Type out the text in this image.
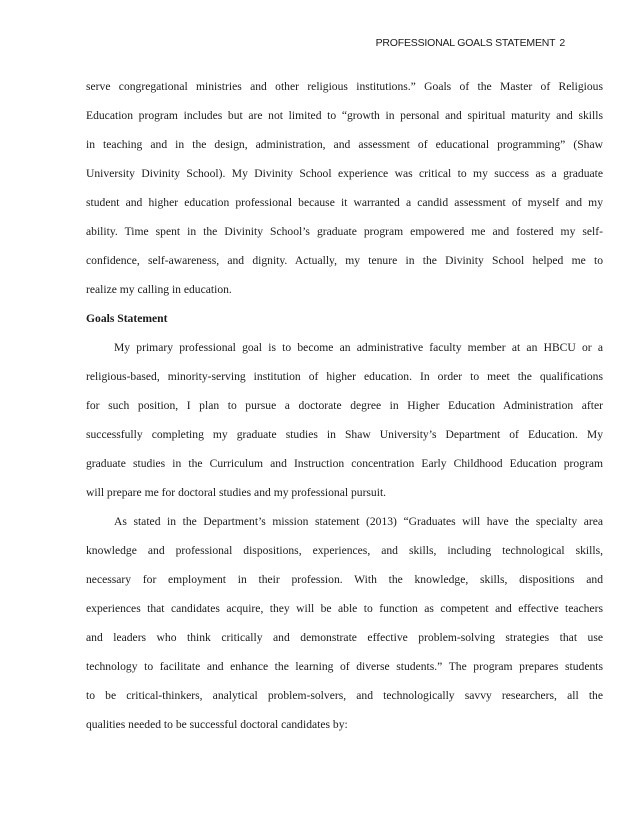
PROFESSIONAL GOALS STATEMENT 2
serve congregational ministries and other religious institutions.” Goals of the Master of Religious
Education program includes but are not limited to “growth in personal and spiritual maturity and skills
in teaching and in the design, administration, and assessment of educational programming” (Shaw
University Divinity School). My Divinity School experience was critical to my success as a graduate
student and higher education professional because it warranted a candid assessment of myself and my
ability. Time spent in the Divinity School’s graduate program empowered me and fostered my self-
confidence, self-awareness, and dignity. Actually, my tenure in the Divinity School helped me to
realize my calling in education.
Goals Statement
My primary professional goal is to become an administrative faculty member at an HBCU or a
religious-based, minority-serving institution of higher education. In order to meet the qualifications
for such position, I plan to pursue a doctorate degree in Higher Education Administration after
successfully completing my graduate studies in Shaw University’s Department of Education. My
graduate studies in the Curriculum and Instruction concentration Early Childhood Education program
will prepare me for doctoral studies and my professional pursuit.
As stated in the Department’s mission statement (2013) “Graduates will have the specialty area
knowledge and professional dispositions, experiences, and skills, including technological skills,
necessary for employment in their profession. With the knowledge, skills, dispositions and
experiences that candidates acquire, they will be able to function as competent and effective teachers
and leaders who think critically and demonstrate effective problem-solving strategies that use
technology to facilitate and enhance the learning of diverse students.” The program prepares students
to be critical-thinkers, analytical problem-solvers, and technologically savvy researchers, all the
qualities needed to be successful doctoral candidates by:
